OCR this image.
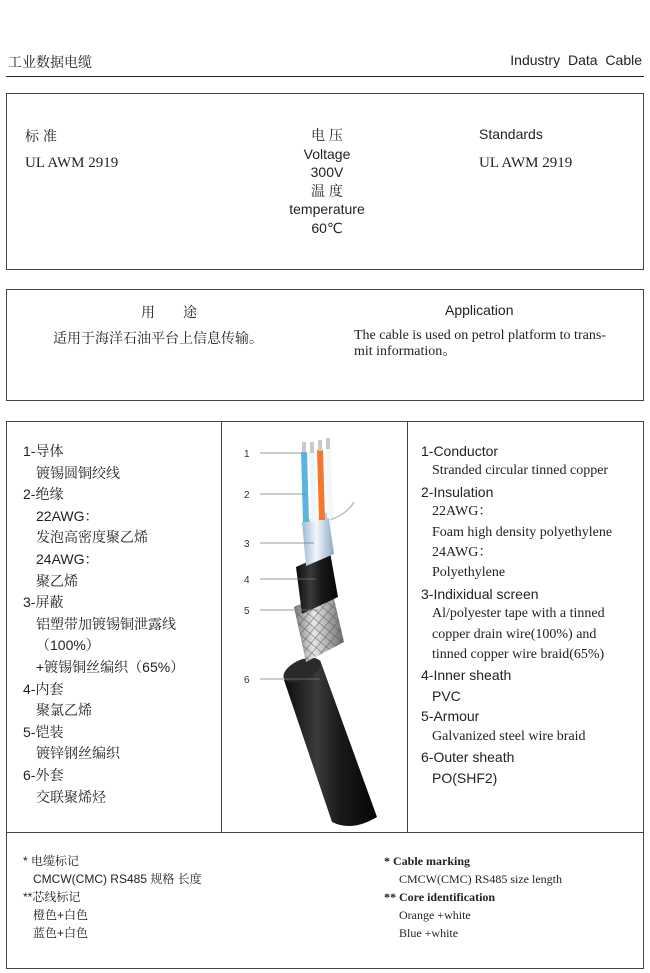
工业数据电缆	Industry Data Cable
标 准
UL AWM 2919
电 压
Voltage
300V
温 度
temperature
60℃
Standards
UL AWM 2919
用　　途
适用于海洋石油平台上信息传输。
Application
The cable is used on petrol platform to trans-
mit information。
1-导体
镀锡圆铜绞线
2-绝缘
22AWG：
发泡高密度聚乙烯
24AWG：
聚乙烯
3-屏蔽
铝塑带加镀锡铜泄露线
（100%）
+镀锡铜丝编织（65%）
4-内套
聚氯乙烯
5-铠装
镀锌钢丝编织
6-外套
交联聚烯烃
1
2
3
4
5
6
1-Conductor
Stranded circular tinned copper
2-Insulation
22AWG：
Foam high density polyethylene
24AWG：
Polyethylene
3-Indixidual screen
Al/polyester tape with a tinned
copper drain wire(100%) and
tinned copper wire braid(65%)
4-Inner sheath
PVC
5-Armour
Galvanized steel wire braid
6-Outer sheath
PO(SHF2)
* 电缆标记
CMCW(CMC) RS485 规格 长度
**芯线标记
橙色+白色
蓝色+白色
* Cable marking
CMCW(CMC) RS485 size length
** Core identification
Orange +white
Blue +white
